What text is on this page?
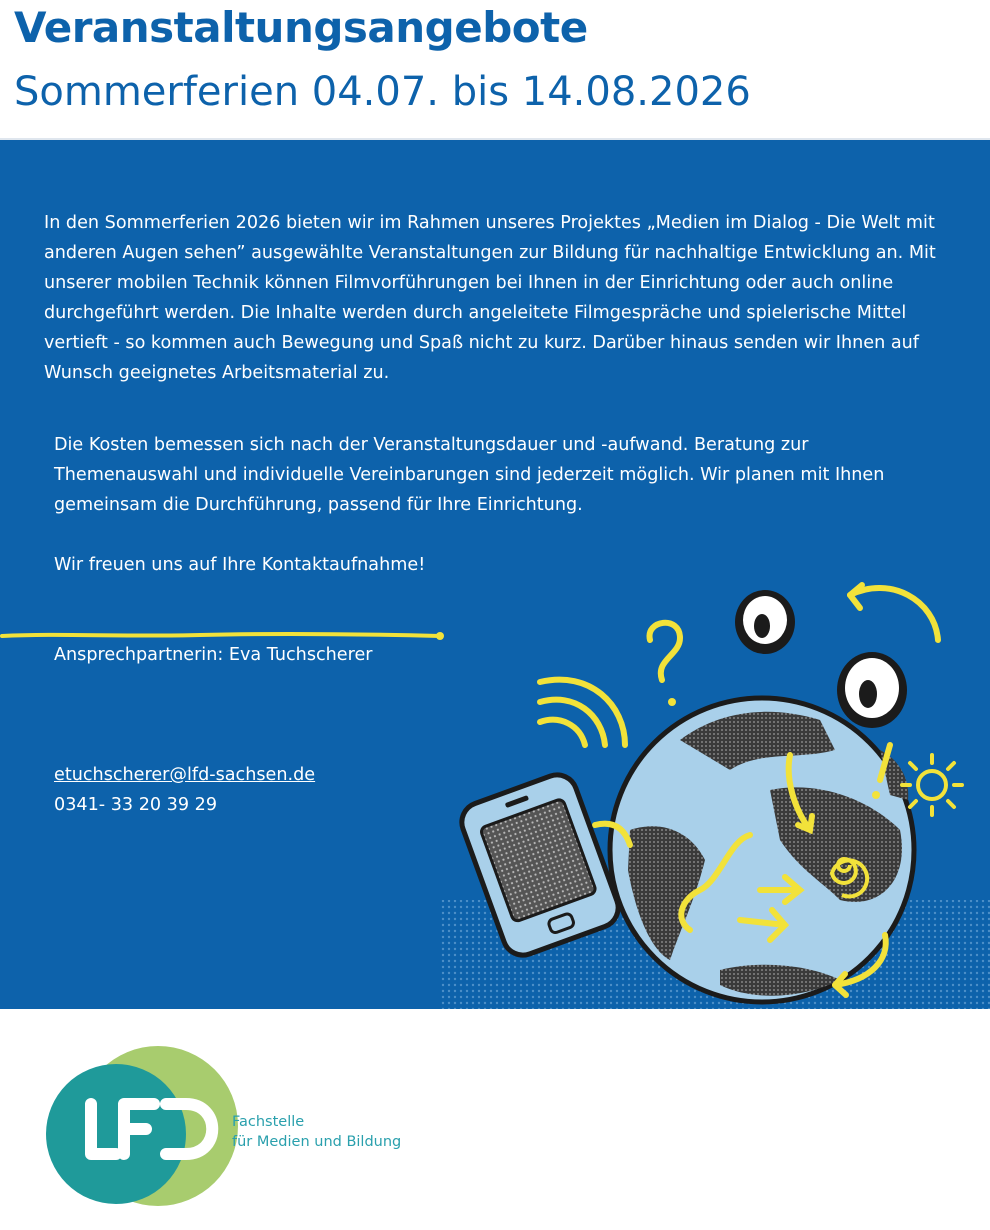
Veranstaltungsangebote
Sommerferien 04.07. bis 14.08.2026

In den Sommerferien 2026 bieten wir im Rahmen unseres Projektes „Medien im Dialog - Die Welt mit anderen Augen sehen” ausgewählte Veranstaltungen zur Bildung für nachhaltige Entwicklung an. Mit unserer mobilen Technik können Filmvorführungen bei Ihnen in der Einrichtung oder auch online durchgeführt werden. Die Inhalte werden durch angeleitete Filmgespräche und spielerische Mittel vertieft - so kommen auch Bewegung und Spaß nicht zu kurz. Darüber hinaus senden wir Ihnen auf Wunsch geeignetes Arbeitsmaterial zu.

Die Kosten bemessen sich nach der Veranstaltungsdauer und -aufwand. Beratung zur Themenauswahl und individuelle Vereinbarungen sind jederzeit möglich. Wir planen mit Ihnen gemeinsam die Durchführung, passend für Ihre Einrichtung.

Wir freuen uns auf Ihre Kontaktaufnahme!

Ansprechpartnerin: Eva Tuchscherer

etuchscherer@lfd-sachsen.de

0341- 33 20 39 29

Fachstelle
für Medien und Bildung
